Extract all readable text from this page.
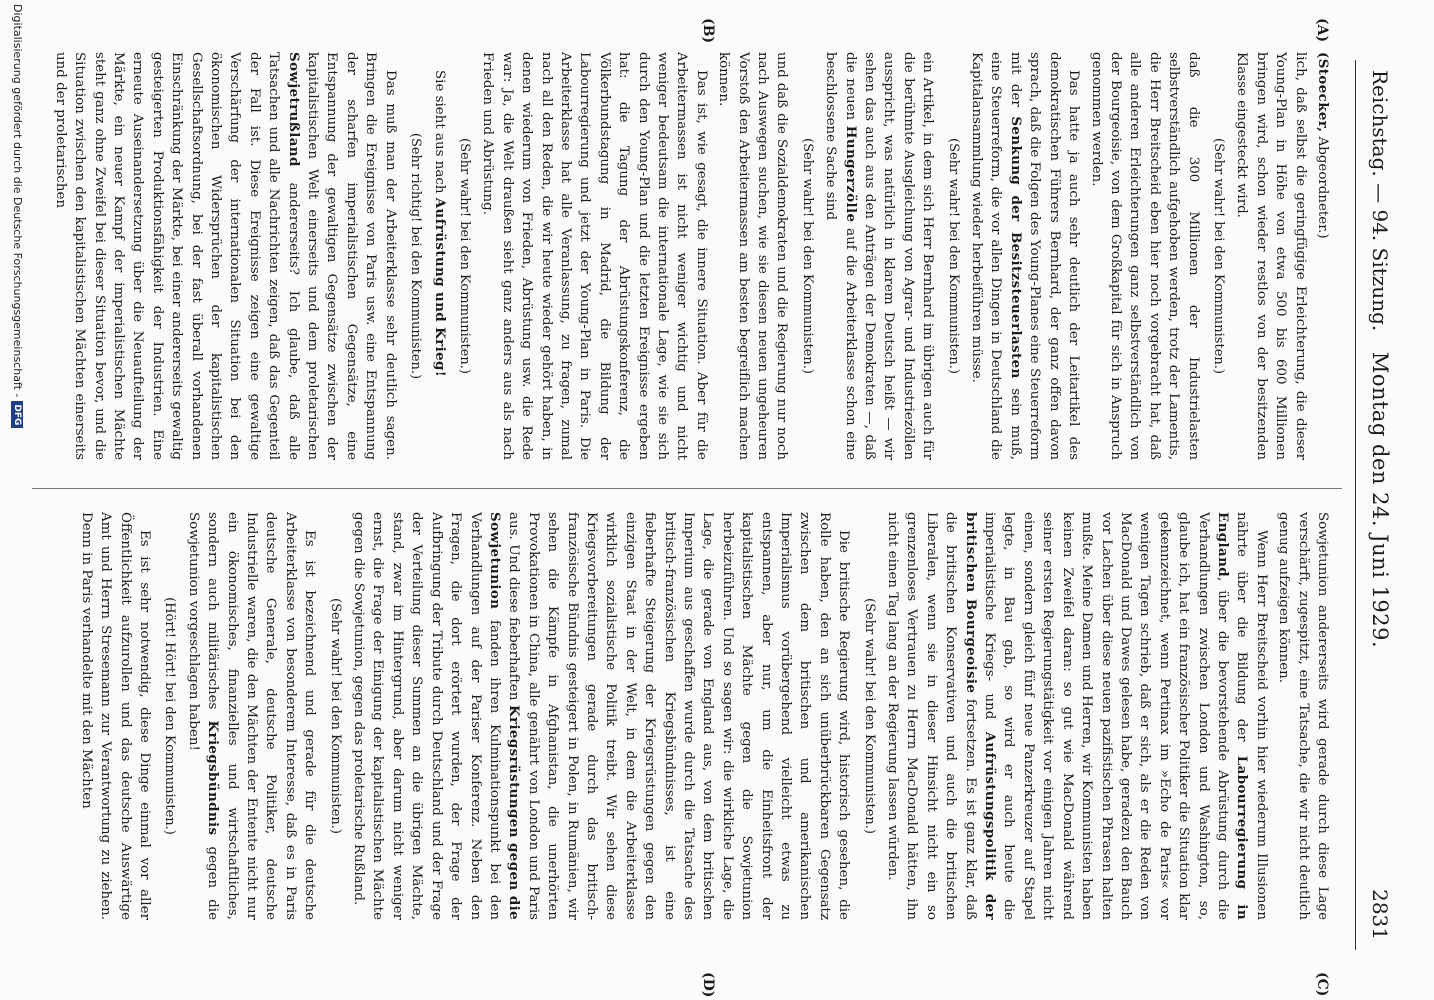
Reichstag. — 94. Sitzung.
Montag den 24. Juni 1929.
2831
(A)
(B)
(C)
(D)

(Stoecker, Abgeordneter.)

lich, daß selbst die geringfügige Erleichterung, die dieser Young-Plan in Höhe von etwa 500 bis 600 Millionen bringen wird, schon wieder restlos von der besitzenden Klasse eingesteckt wird.

(Sehr wahr! bei den Kommunisten.)

daß die 300 Millionen der Industrielasten selbstverständlich aufgehoben werden, trotz der Lamentis, die Herr Breitscheid eben hier noch vorgebracht hat, daß alle anderen Erleichterungen ganz selbstverständlich von der Bourgeoisie, von dem Großkapital für sich in Anspruch genommen werden.

Das hatte ja auch sehr deutlich der Leitartikel des demokratischen Führers Bernhard, der ganz offen davon sprach, daß die Folgen des Young-Planes eine Steuerreform mit der Senkung der Besitzsteuerlasten sein muß, eine Steuerreform, die vor allen Dingen in Deutschland die Kapitalansammlung wieder herbeiführen müsse.

(Sehr wahr! bei den Kommunisten.)

ein Artikel, in dem sich Herr Bernhard im übrigen auch für die berühmte Ausgleichung von Agrar- und Industriezöllen ausspricht, was natürlich in klarem Deutsch heißt — wir sehen das auch aus den Anträgen der Demokraten —, daß die neuen Hungerzölle auf die Arbeiterklasse schon eine beschlossene Sache sind

(Sehr wahr! bei den Kommunisten.)

und daß die Sozialdemokraten und die Regierung nur noch nach Auswegen suchen, wie sie diesen neuen ungeheuren Vorstoß den Arbeitermassen am besten begreiflich machen können.

Das ist, wie gesagt, die innere Situation. Aber für die Arbeitermassen ist nicht weniger wichtig und nicht weniger bedeutsam die internationale Lage, wie sie sich durch den Young-Plan und die letzten Ereignisse ergeben hat: die Tagung der Abrüstungskonferenz, die Völkerbundstagung in Madrid, die Bildung der Labourregierung und jetzt der Young-Plan in Paris. Die Arbeiterklasse hat alle Veranlassung, zu fragen, zumal nach all den Reden, die wir heute wieder gehört haben, in denen wiederum von Frieden, Abrüstung usw. die Rede war: Ja, die Welt draußen sieht ganz anders aus als nach Frieden und Abrüstung.

(Sehr wahr! bei den Kommunisten.)

Sie sieht aus nach Aufrüstung und Krieg!

(Sehr richtig! bei den Kommunisten.)

Das muß man der Arbeiterklasse sehr deutlich sagen. Bringen die Ereignisse von Paris usw. eine Entspannung der scharfen imperialistischen Gegensätze, eine Entspannung der gewaltigen Gegensätze zwischen der kapitalistischen Welt einerseits und dem proletarischen Sowjetrußland andererseits? Ich glaube, daß alle Tatsachen und alle Nachrichten zeigen, daß das Gegenteil der Fall ist. Diese Ereignisse zeigen eine gewaltige Verschärfung der internationalen Situation bei den ökonomischen Widersprüchen der kapitalistischen Gesellschaftsordnung, bei der fast überall vorhandenen Einschränkung der Märkte, bei einer andererseits gewaltig gesteigerten Produktionsfähigkeit der Industrien. Eine erneute Auseinandersetzung über die Neuaufteilung der Märkte, ein neuer Kampf der imperialistischen Mächte steht ganz ohne Zweifel bei dieser Situation bevor, und die Situation zwischen den kapitalistischen Mächten einerseits und der proletarischen

Sowjetunion andererseits wird gerade durch diese Lage verschärft, zugespitzt, eine Tatsache, die wir nicht deutlich genug aufzeigen können.

Wenn Herr Breitscheid vorhin hier wiederum Illusionen nährte über die Bildung der Labourregierung in England, über die bevorstehende Abrüstung durch die Verhandlungen zwischen London und Washington, so, glaube ich, hat ein französischer Politiker die Situation klar gekennzeichnet, wenn Pertinax im »Echo de Paris« vor wenigen Tagen schrieb, daß er sich, als er die Reden von MacDonald und Dawes gelesen habe, geradezu den Bauch vor Lachen über diese neuen pazifistischen Phrasen halten mußte. Meine Damen und Herren, wir Kommunisten haben keinen Zweifel daran: so gut wie MacDonald während seiner ersten Regierungstätigkeit vor einigen Jahren nicht einen, sondern gleich fünf neue Panzerkreuzer auf Stapel legte, in Bau gab, so wird er auch heute die imperialistische Kriegs- und Aufrüstungspolitik der britischen Bourgeoisie fortsetzen. Es ist ganz klar, daß die britischen Konservativen und auch die britischen Liberalen, wenn sie in dieser Hinsicht nicht ein so grenzenloses Vertrauen zu Herrn MacDonald hätten, ihn nicht einen Tag lang an der Regierung lassen würden.

(Sehr wahr! bei den Kommunisten.)

Die britische Regierung wird, historisch gesehen, die Rolle haben, den an sich unüberbrückbaren Gegensatz zwischen dem britischen und amerikanischen Imperialismus vorübergehend vielleicht etwas zu entspannen, aber nur, um die Einheitsfront der kapitalistischen Mächte gegen die Sowjetunion herbeizuführen. Und so sagen wir: die wirkliche Lage, die Lage, die gerade von England aus, von dem britischen Imperium aus geschaffen wurde durch die Tatsache des britisch-französischen Kriegsbündnisses, ist eine fieberhafte Steigerung der Kriegsrüstungen gegen den einzigen Staat in der Welt, in dem die Arbeiterklasse wirklich sozialistische Politik treibt. Wir sehen diese Kriegsvorbereitungen gerade durch das britisch-französische Bündnis gesteigert in Polen, in Rumänien, wir sehen die Kämpfe in Afghanistan, die unerhörten Provokationen in China, alle genährt von London und Paris aus. Und diese fieberhaften Kriegsrüstungen gegen die Sowjetunion fanden ihren Kulminationspunkt bei den Verhandlungen auf der Pariser Konferenz. Neben den Fragen, die dort erörtert wurden, der Frage der Aufbringung der Tribute durch Deutschland und der Frage der Verteilung dieser Summen an die übrigen Mächte, stand, zwar im Hintergrund, aber darum nicht weniger ernst, die Frage der Einigung der kapitalistischen Mächte gegen die Sowjetunion, gegen das proletarische Rußland.

(Sehr wahr! bei den Kommunisten.)

Es ist bezeichnend und gerade für die deutsche Arbeiterklasse von besonderem Interesse, daß es in Paris deutsche Generale, deutsche Politiker, deutsche Industrielle waren, die den Mächten der Entente nicht nur ein ökonomisches, finanzielles und wirtschaftliches, sondern auch militärisches Kriegsbündnis gegen die Sowjetunion vorgeschlagen haben!

(Hört! Hört! bei den Kommunisten.)

Es ist sehr notwendig, diese Dinge einmal vor aller Öffentlichkeit aufzurollen und das deutsche Auswärtige Amt und Herrn Stresemann zur Verantwortung zu ziehen. Denn in Paris verhandelte mit den Mächten

Digitalisierung gefördert durch die Deutsche Forschungsgemeinschaft -DFG
